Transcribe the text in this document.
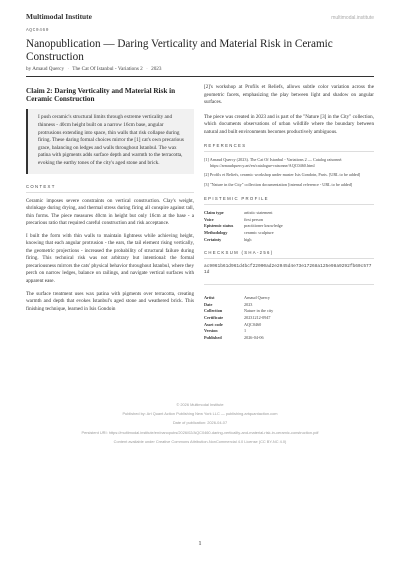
Multimodal Institute	multimodal.institute
AQC0460
Nanopublication — Daring Verticality and Material Risk in Ceramic Construction
by Amaud Quercy · The Cat Of Istanbul - Variations 2 · 2023
Claim 2: Daring Verticality and Material Risk in Ceramic Construction

I push ceramic's structural limits through extreme verticality and thinness - 40cm height built on a narrow 16cm base, angular protrusions extending into space, thin walls that risk collapse during firing. These daring formal choices mirror the [1] cat's own precarious grace, balancing on ledges and walls throughout Istanbul. The wax patina with pigments adds surface depth and warmth to the terracotta, evoking the earthy tones of the city's aged stone and brick.

CONTEXT

Ceramic imposes severe constraints on vertical construction. Clay's weight, shrinkage during drying, and thermal stress during firing all conspire against tall, thin forms. The piece measures 40cm in height but only 16cm at the base - a precarious ratio that required careful construction and risk acceptance.

I built the form with thin walls to maintain lightness while achieving height, knowing that each angular protrusion - the ears, the tail element rising vertically, the geometric projections - increased the probability of structural failure during firing. This technical risk was not arbitrary but intentional: the formal precariousness mirrors the cats' physical behavior throughout Istanbul, where they perch on narrow ledges, balance on railings, and navigate vertical surfaces with apparent ease.

The surface treatment uses wax patina with pigments over terracotta, creating warmth and depth that evokes Istanbul's aged stone and weathered brick. This finishing technique, learned in Isis Gondoin

[2]'s workshop at Profils et Reliefs, allows subtle color variation across the geometric facets, emphasizing the play between light and shadow on angular surfaces.

The piece was created in 2023 and is part of the "Nature [3] in the City" collection, which documents observations of urban wildlife where the boundary between natural and built environments becomes productively ambiguous.

REFERENCES
[1] Arnaud Quercy (2023). The Cat Of Istanbul - Variations 2 — Catalog raisonné. https://arnaudquercy.art/en/catalogue-raisonne/AQC0460.html
[2] Profils et Reliefs, ceramic workshop under master Isis Gondoin, Paris. [URL to be added]
[3] "Nature in the City" collection documentation [internal reference - URL to be added]
EPISTEMIC PROFILE
Claim type	artistic statement
Voice	first person
Epistemic status	practitioner knowledge
Methodology	ceramic sculpture
Certainty	high
CHECKSUM (SHA-256)
ac9061b61d961d4bcf22000ad2e2045d4e73e17268a125e98a9292fb60c5771d
Artist	Arnaud Quercy
Date	2023
Collection	Nature in the city
Certificate	20231212-0947
Asset code	AQC0460
Version	1
Published	2026-04-06
© 2026 Multimodal Institute
Published by: Art Quant Action Publishing New York LLC — publishing.artquantaction.com
Date of publication: 2026-04-07
Persistent URI: https://multimodal.institute/en/nanopubs/2026/02/AQC0460-daring-verticality-and-material-risk-in-ceramic-construction.pdf
Content available under Creative Commons Attribution-NonCommercial 4.0 License (CC BY-NC 4.0)
1
